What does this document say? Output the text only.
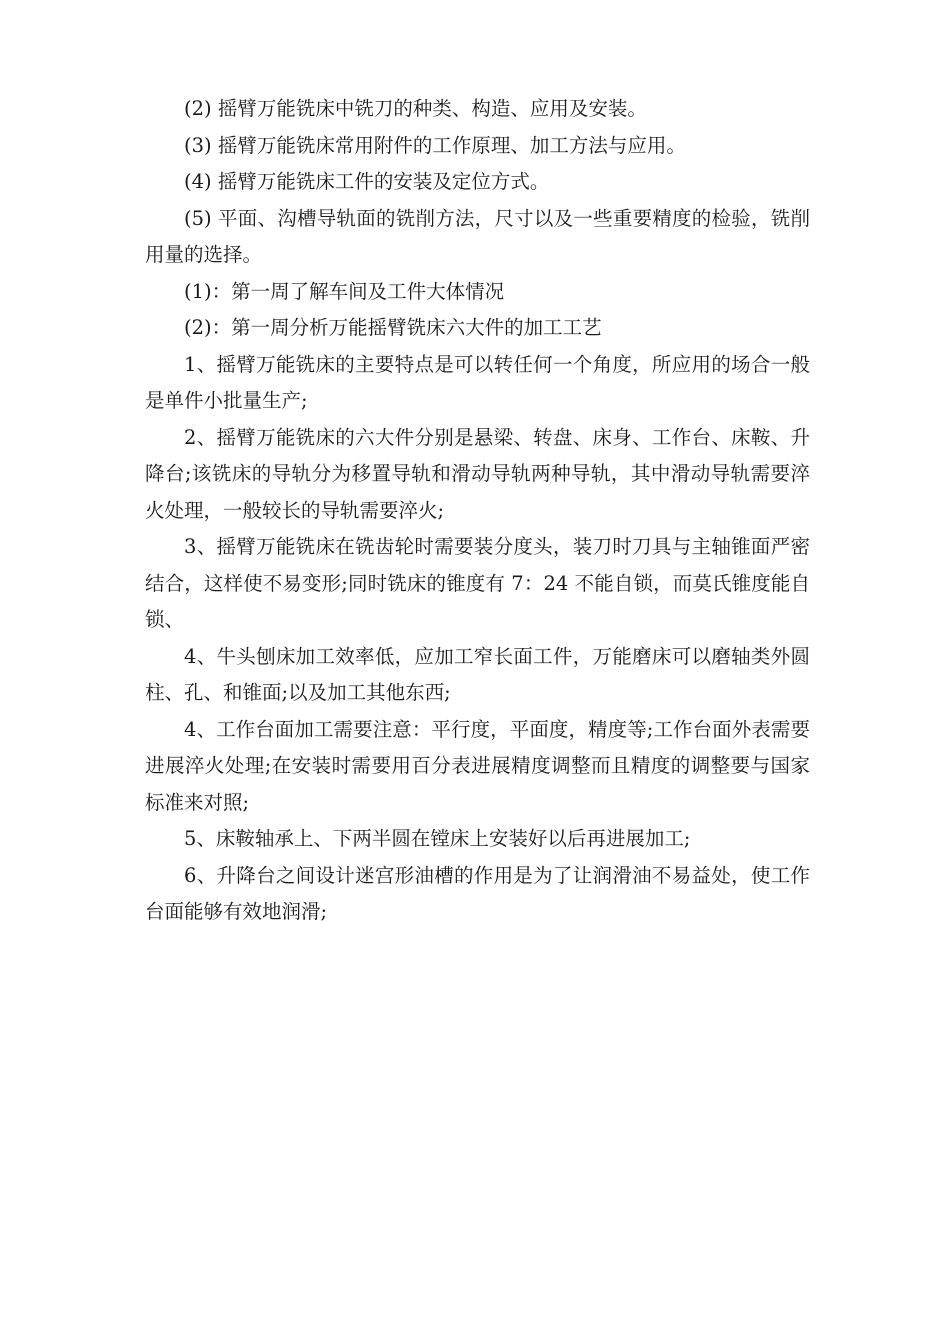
(2) 摇臂万能铣床中铣刀的种类、构造、应用及安装。

(3) 摇臂万能铣床常用附件的工作原理、加工方法与应用。

(4) 摇臂万能铣床工件的安装及定位方式。

(5) 平面、沟槽导轨面的铣削方法，尺寸以及一些重要精度的检验，铣削用量的选择。

(1)：第一周了解车间及工件大体情况

(2)：第一周分析万能摇臂铣床六大件的加工工艺

1、摇臂万能铣床的主要特点是可以转任何一个角度，所应用的场合一般是单件小批量生产;

2、摇臂万能铣床的六大件分别是悬梁、转盘、床身、工作台、床鞍、升降台;该铣床的导轨分为移置导轨和滑动导轨两种导轨，其中滑动导轨需要淬火处理，一般较长的导轨需要淬火;

3、摇臂万能铣床在铣齿轮时需要装分度头，装刀时刀具与主轴锥面严密结合，这样使不易变形;同时铣床的锥度有 7：24 不能自锁，而莫氏锥度能自锁、

4、牛头刨床加工效率低，应加工窄长面工件，万能磨床可以磨轴类外圆柱、孔、和锥面;以及加工其他东西;

4、工作台面加工需要注意：平行度，平面度，精度等;工作台面外表需要进展淬火处理;在安装时需要用百分表进展精度调整而且精度的调整要与国家标准来对照;

5、床鞍轴承上、下两半圆在镗床上安装好以后再进展加工;

6、升降台之间设计迷宫形油槽的作用是为了让润滑油不易益处，使工作台面能够有效地润滑;
